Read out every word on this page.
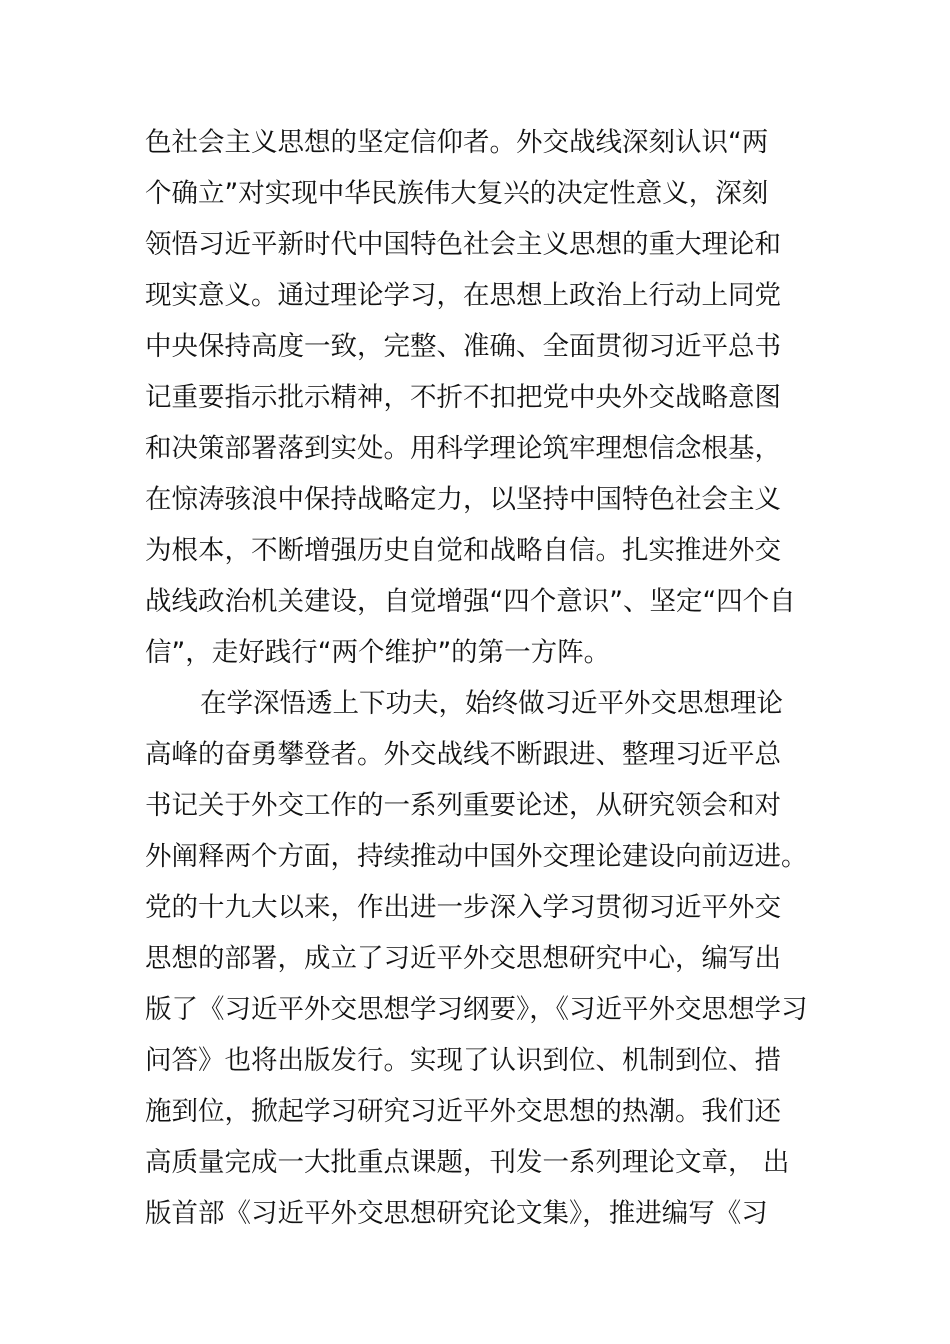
色社会主义思想的坚定信仰者。外交战线深刻认识“两
个确立”对实现中华民族伟大复兴的决定性意义，深刻
领悟习近平新时代中国特色社会主义思想的重大理论和
现实意义。通过理论学习，在思想上政治上行动上同党
中央保持高度一致，完整、准确、全面贯彻习近平总书
记重要指示批示精神，不折不扣把党中央外交战略意图
和决策部署落到实处。用科学理论筑牢理想信念根基，
在惊涛骇浪中保持战略定力，以坚持中国特色社会主义
为根本，不断增强历史自觉和战略自信。扎实推进外交
战线政治机关建设，自觉增强“四个意识”、坚定“四个自
信”，走好践行“两个维护”的第一方阵。
在学深悟透上下功夫，始终做习近平外交思想理论
高峰的奋勇攀登者。外交战线不断跟进、整理习近平总
书记关于外交工作的一系列重要论述，从研究领会和对
外阐释两个方面，持续推动中国外交理论建设向前迈进。
党的十九大以来，作出进一步深入学习贯彻习近平外交
思想的部署，成立了习近平外交思想研究中心，编写出
版了《习近平外交思想学习纲要》，《习近平外交思想学习
问答》也将出版发行。实现了认识到位、机制到位、措
施到位，掀起学习研究习近平外交思想的热潮。我们还
高质量完成一大批重点课题，刊发一系列理论文章， 出
版首部《习近平外交思想研究论文集》，推进编写《习
